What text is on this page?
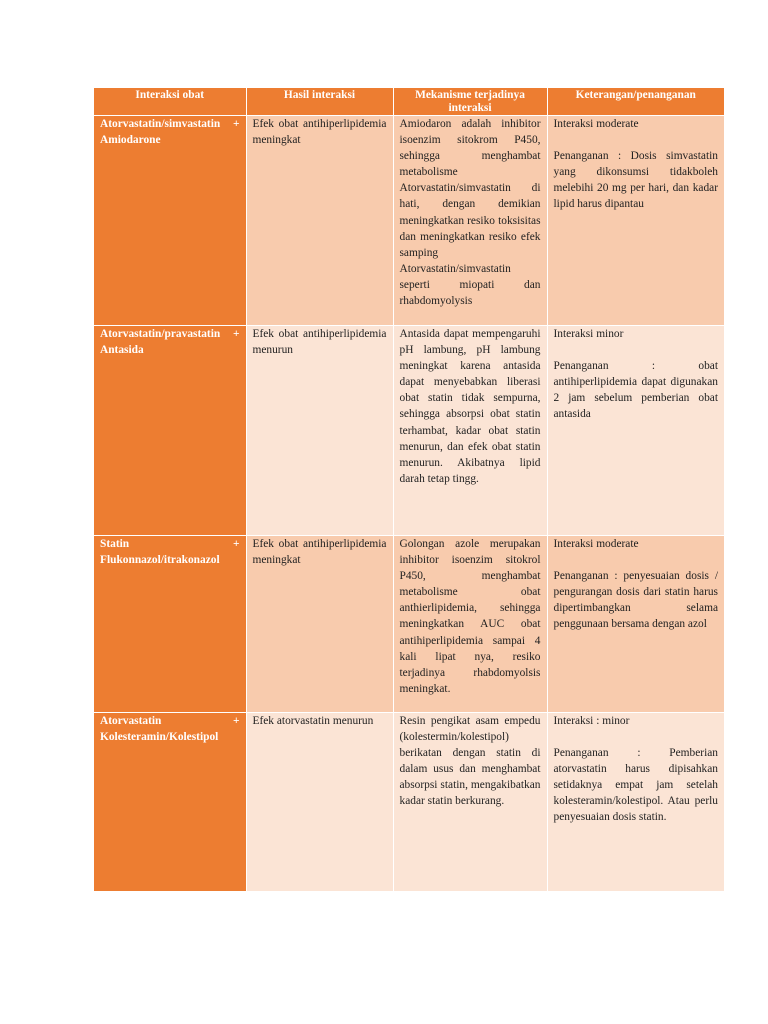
Interaksi obat	Hasil interaksi	Mekanisme terjadinya interaksi	Keterangan/penanganan
Atorvastatin/simvastatin + Amiodarone	Efek obat antihiperlipidemia meningkat	Amiodaron adalah inhibitor isoenzim sitokrom P450, sehingga menghambat metabolisme Atorvastatin/simvastatin di hati, dengan demikian meningkatkan resiko toksisitas dan meningkatkan resiko efek samping Atorvastatin/simvastatin seperti miopati dan rhabdomyolysis	Interaksi moderate
Penanganan : Dosis simvastatin yang dikonsumsi tidakboleh melebihi 20 mg per hari, dan kadar lipid harus dipantau

Atorvastatin/pravastatin + Antasida	Efek obat antihiperlipidemia menurun	Antasida dapat mempengaruhi pH lambung, pH lambung meningkat karena antasida dapat menyebabkan liberasi obat statin tidak sempurna, sehingga absorpsi obat statin terhambat, kadar obat statin menurun, dan efek obat statin menurun. Akibatnya lipid darah tetap tingg.	Interaksi minor
Penanganan : obat antihiperlipidemia dapat digunakan 2 jam sebelum pemberian obat antasida

Statin + Flukonnazol/itrakonazol	Efek obat antihiperlipidemia meningkat	Golongan azole merupakan inhibitor isoenzim sitokrol P450, menghambat metabolisme obat anthierlipidemia, sehingga meningkatkan AUC obat antihiperlipidemia sampai 4 kali lipat nya, resiko terjadinya rhabdomyolsis meningkat.	Interaksi moderate
Penanganan : penyesuaian dosis / pengurangan dosis dari statin harus dipertimbangkan selama penggunaan bersama dengan azol

Atorvastatin + Kolesteramin/Kolestipol	Efek atorvastatin menurun	Resin pengikat asam empedu (kolestermin/kolestipol) berikatan dengan statin di dalam usus dan menghambat absorpsi statin, mengakibatkan kadar statin berkurang.	Interaksi : minor
Penanganan : Pemberian atorvastatin harus dipisahkan setidaknya empat jam setelah kolesteramin/kolestipol. Atau perlu penyesuaian dosis statin.
